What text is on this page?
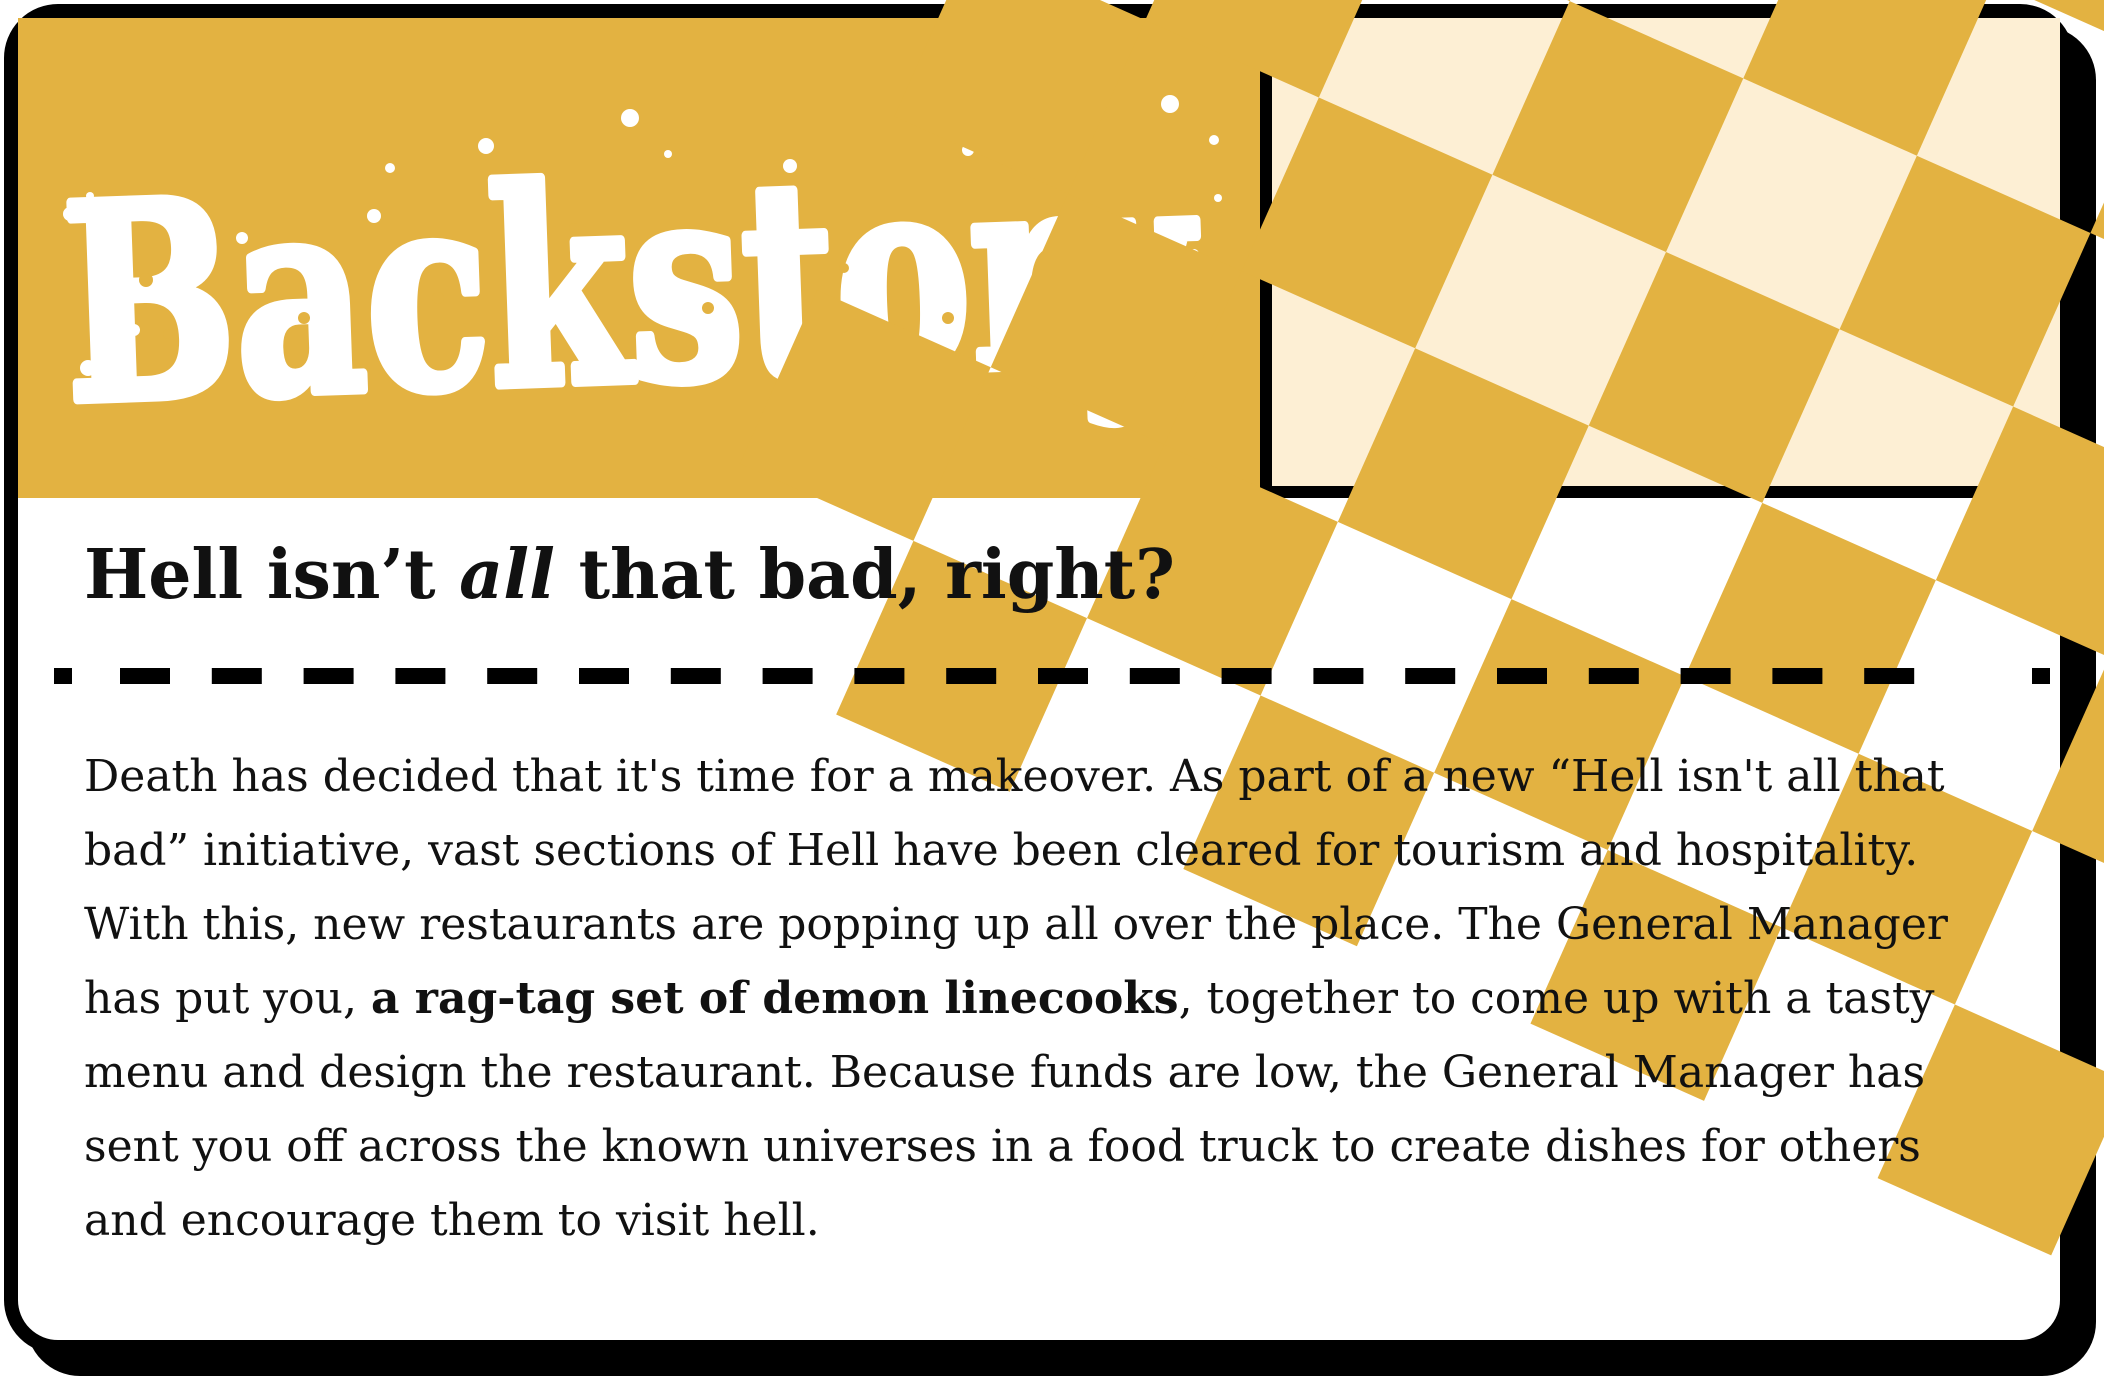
Backstory
Hell isn’t all that bad, right?

Death has decided that it's time for a makeover. As part of a new “Hell isn't all that bad” initiative, vast sections of Hell have been cleared for tourism and hospitality. With this, new restaurants are popping up all over the place. The General Manager has put you, a rag-tag set of demon linecooks, together to come up with a tasty menu and design the restaurant. Because funds are low, the General Manager has sent you off across the known universes in a food truck to create dishes for others and encourage them to visit hell.
